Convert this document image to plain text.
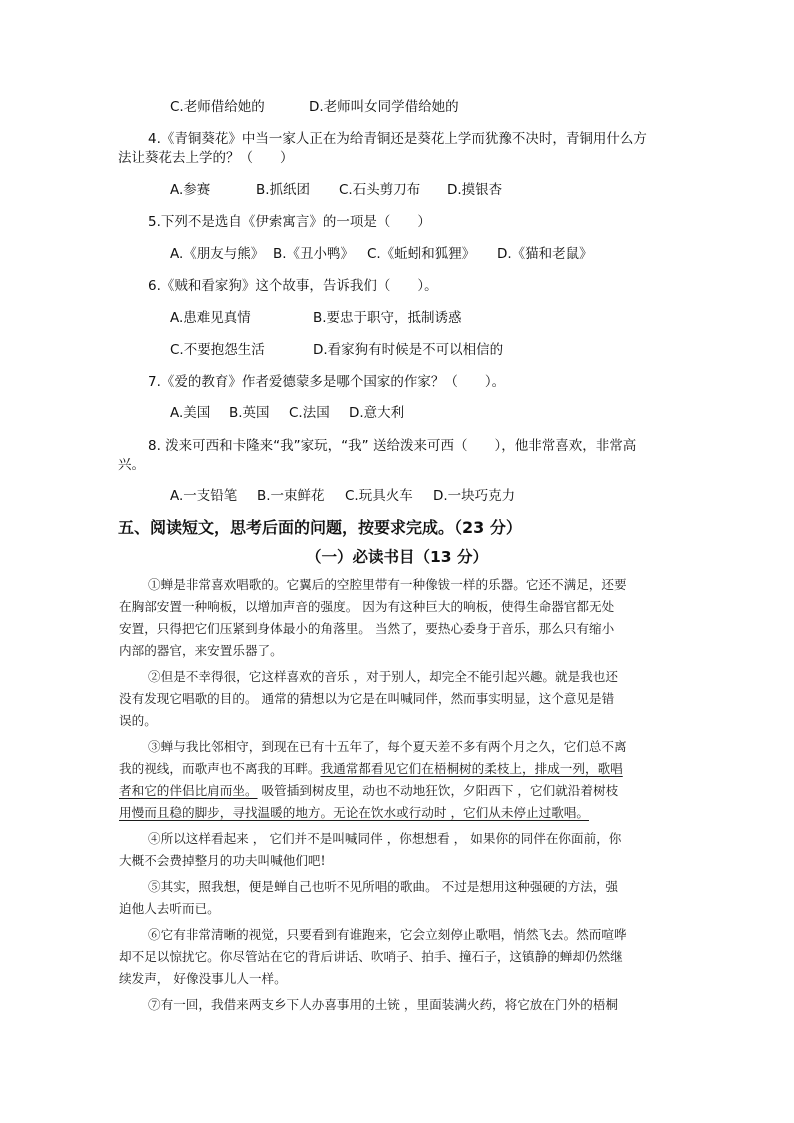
C.老师借给她的	D.老师叫女同学借给她的
4.《青铜葵花》中当一家人正在为给青铜还是葵花上学而犹豫不决时，青铜用什么方
法让葵花去上学的？（　　）
A.参赛	B.抓纸团 C.石头剪刀布 D.摸银杏
5.下列不是选自《伊索寓言》的一项是（　　）
A.《朋友与熊》 B.《丑小鸭》 C.《蚯蚓和狐狸》 D.《猫和老鼠》
6.《贼和看家狗》这个故事，告诉我们（　　）。
A.患难见真情	B.要忠于职守，抵制诱惑
C.不要抱怨生活	D.看家狗有时候是不可以相信的
7.《爱的教育》作者爱德蒙多是哪个国家的作家？（　　）。
A.美国 B.英国 C.法国 D.意大利
8. 泼来可西和卡隆来“我”家玩，“我” 送给泼来可西（　　），他非常喜欢，非常高
兴。
A.一支铅笔 B.一束鲜花 C.玩具火车 D.一块巧克力
五、阅读短文，思考后面的问题，按要求完成。（23 分）
（一）必读书目（13 分）
①蝉是非常喜欢唱歌的。它翼后的空腔里带有一种像钹一样的乐器。它还不满足，还要
在胸部安置一种响板，以增加声音的强度。 因为有这种巨大的响板，使得生命器官都无处
安置，只得把它们压紧到身体最小的角落里。 当然了，要热心委身于音乐，那么只有缩小
内部的器官，来安置乐器了。
②但是不幸得很，它这样喜欢的音乐 ，对于别人，却完全不能引起兴趣。就是我也还
没有发现它唱歌的目的。 通常的猜想以为它是在叫喊同伴，然而事实明显，这个意见是错
误的。
③蝉与我比邻相守，到现在已有十五年了，每个夏天差不多有两个月之久，它们总不离
我的视线，而歌声也不离我的耳畔。我通常都看见它们在梧桐树的柔枝上，排成一列，歌唱
者和它的伴侣比肩而坐。 吸管插到树皮里，动也不动地狂饮，夕阳西下 ，它们就沿着树枝
用慢而且稳的脚步，寻找温暖的地方。无论在饮水或行动时 ，它们从未停止过歌唱。
④所以这样看起来 ， 它们并不是叫喊同伴 ，你想想看 ， 如果你的同伴在你面前，你
大概不会费掉整月的功夫叫喊他们吧!
⑤其实，照我想，便是蝉自己也听不见所唱的歌曲。 不过是想用这种强硬的方法，强
迫他人去听而已。
⑥它有非常清晰的视觉，只要看到有谁跑来，它会立刻停止歌唱，悄然飞去。然而喧哗
却不足以惊扰它。你尽管站在它的背后讲话、吹哨子、拍手、撞石子，这镇静的蝉却仍然继
续发声， 好像没事儿人一样。
⑦有一回，我借来两支乡下人办喜事用的土铳 ，里面装满火药，将它放在门外的梧桐
